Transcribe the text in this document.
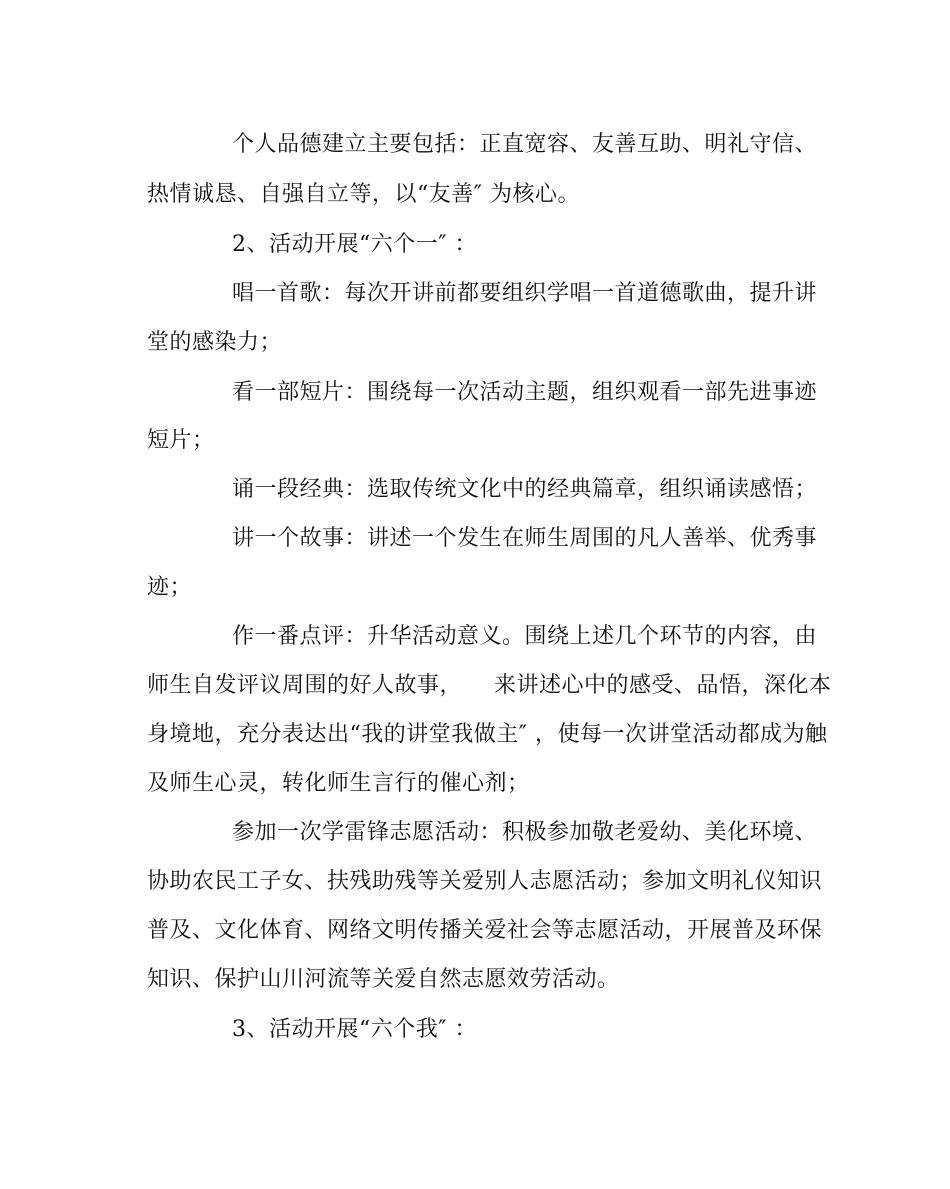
个人品德建立主要包括：正直宽容、友善互助、明礼守信、
热情诚恳、自强自立等，以“友善″ 为核心。
2、活动开展“六个一″ ：
唱一首歌：每次开讲前都要组织学唱一首道德歌曲，提升讲
堂的感染力；
看一部短片：围绕每一次活动主题，组织观看一部先进事迹
短片；
诵一段经典：选取传统文化中的经典篇章，组织诵读感悟；
讲一个故事：讲述一个发生在师生周围的凡人善举、优秀事
迹；
作一番点评：升华活动意义。围绕上述几个环节的内容，由
师生自发评议周围的好人故事， 来讲述心中的感受、品悟，深化本
身境地，充分表达出“我的讲堂我做主″ ，使每一次讲堂活动都成为触
及师生心灵，转化师生言行的催心剂；
参加一次学雷锋志愿活动：积极参加敬老爱幼、美化环境、
协助农民工子女、扶残助残等关爱别人志愿活动；参加文明礼仪知识
普及、文化体育、网络文明传播关爱社会等志愿活动，开展普及环保
知识、保护山川河流等关爱自然志愿效劳活动。
3、活动开展“六个我″ ：
